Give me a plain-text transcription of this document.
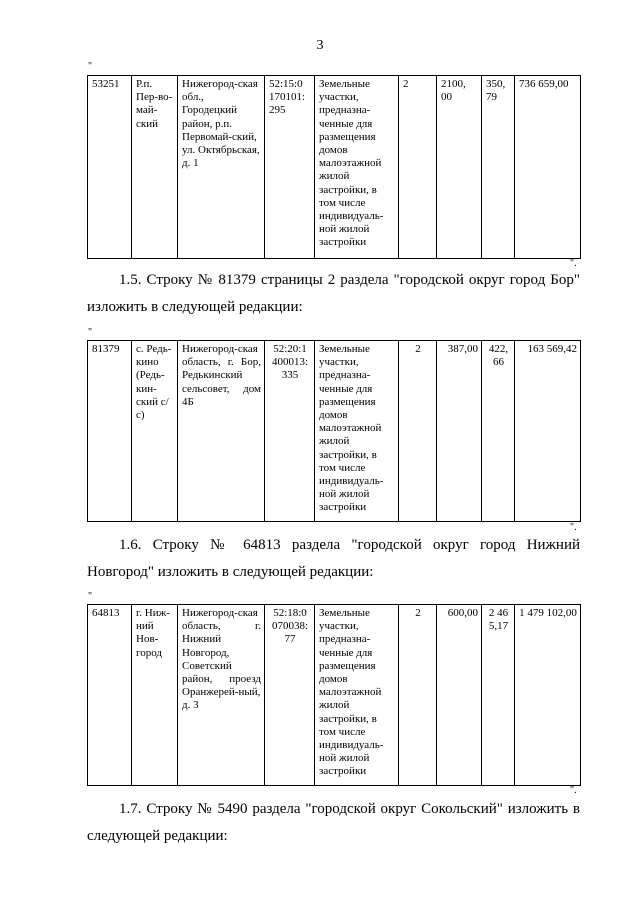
3
"
53251	Р.п. Пер-во-май-ский	Нижегород-ская обл., Городецкий район, р.п. Первомай-ский, ул. Октябрьская, д. 1	52:15:0 170101: 295	Земельные участки, предназна-ченные для размещения домов малоэтажной жилой застройки, в том числе индивидуаль-ной жилой застройки	2	2100, 00	350, 79	736 659,00
".

1.5. Строку № 81379 страницы 2 раздела "городской округ город Бор" изложить в следующей редакции:

"
81379	с. Редь-кино (Редь-кин-ский с/с)	Нижегород-ская область, г. Бор, Редькинский сельсовет, дом 4Б	52:20:1 400013: 335	Земельные участки, предназна-ченные для размещения домов малоэтажной жилой застройки, в том числе индивидуаль-ной жилой застройки	2	387,00	422, 66	163 569,42
".

1.6. Строку № 64813 раздела "городской округ город Нижний Новгород" изложить в следующей редакции:

"
64813	г. Ниж-ний Нов-город	Нижегород-ская область, г. Нижний Новгород, Советский район, проезд Оранжерей-ный, д. 3	52:18:0 070038: 77	Земельные участки, предназна-ченные для размещения домов малоэтажной жилой застройки, в том числе индивидуаль-ной жилой застройки	2	600,00	2 46 5,17	1 479 102,00
".

1.7. Строку № 5490 раздела "городской округ Сокольский" изложить в следующей редакции:
